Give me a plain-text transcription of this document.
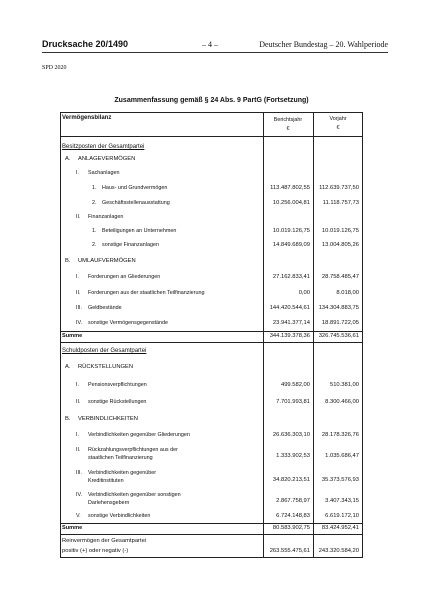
Drucksache 20/1490	– 4 –	Deutscher Bundestag – 20. Wahlperiode
SPD 2020
Zusammenfassung gemäß § 24 Abs. 9 PartG (Fortsetzung)
Vermögensbilanz	Berichtsjahr
€
Vorjahr
€
Besitzposten der Gesamtpartei
A. ANLAGEVERMÖGEN
I. Sachanlagen
1. Haus- und Grundvermögen	113.487.802,55	112.639.737,50
2. Geschäftsstellenausstattung	10.256.004,81	11.118.757,73
II. Finanzanlagen
1. Beteiligungen an Unternehmen	10.019.126,75	10.019.126,75
2. sonstige Finanzanlagen	14.849.689,09	13.004.805,26
B. UMLAUFVERMÖGEN
I. Forderungen an Gliederungen	27.162.833,41	28.758.485,47
II. Forderungen aus der staatlichen Teilfinanzierung	0,00	8.018,00
III. Geldbestände	144.420.544,61	134.304.883,75
IV. sonstige Vermögensgegenstände	23.941.377,14	18.891.722,05
Summe	344.139.378,36	326.745.536,61
Schuldposten der Gesamtpartei
A. RÜCKSTELLUNGEN
I. Pensionsverpflichtungen	499.582,00	510.381,00
II. sonstige Rückstellungen	7.701.993,81	8.300.466,00
B. VERBINDLICHKEITEN
I. Verbindlichkeiten gegenüber Gliederungen	26.636.303,10	28.178.326,76
II. Rückzahlungsverpflichtungen aus der
staatlichen Teilfinanzierung	1.333.902,53	1.035.686,47
III. Verbindlichkeiten gegenüber
Kreditinstituten	34.820.213,51	35.373.576,93
IV. Verbindlichkeiten gegenüber sonstigen
Darlehensgebern	2.867.758,97	3.407.343,15
V. sonstige Verbindlichkeiten	6.724.148,83	6.619.172,10
Summe	80.583.902,75	83.424.952,41
Reinvermögen der Gesamtpartei
positiv (+) oder negativ (-)	263.555.475,61	243.320.584,20
